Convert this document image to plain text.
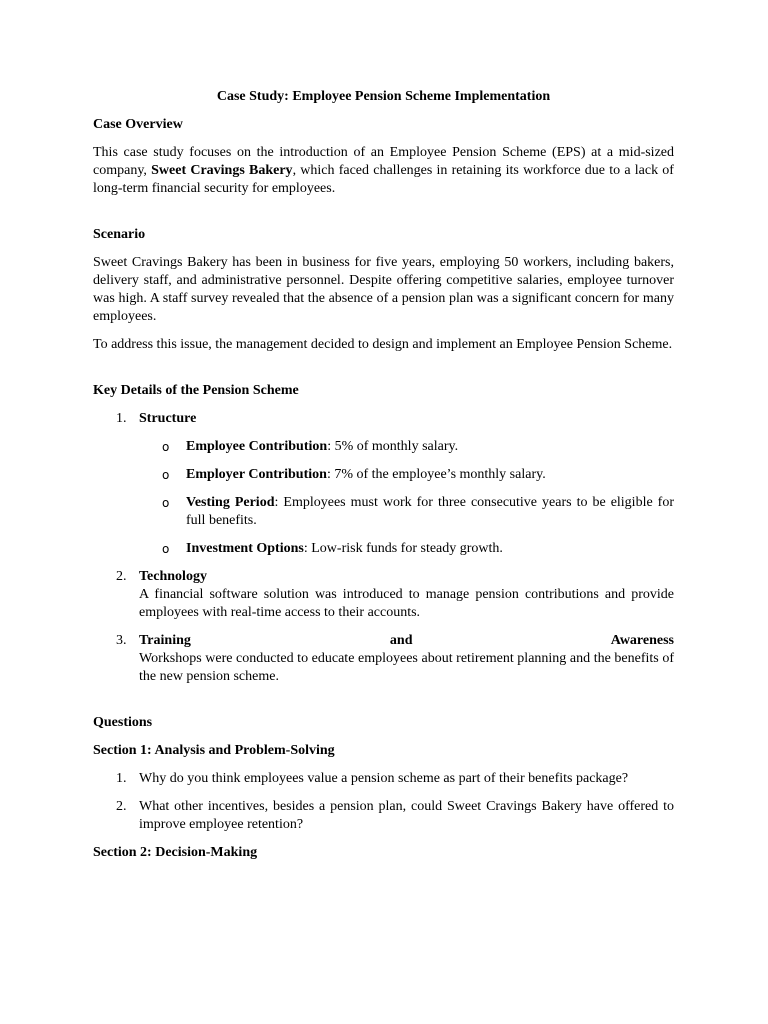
Case Study: Employee Pension Scheme Implementation
Case Overview

This case study focuses on the introduction of an Employee Pension Scheme (EPS) at a mid-sized company, Sweet Cravings Bakery, which faced challenges in retaining its workforce due to a lack of long-term financial security for employees.

Scenario

Sweet Cravings Bakery has been in business for five years, employing 50 workers, including bakers, delivery staff, and administrative personnel. Despite offering competitive salaries, employee turnover was high. A staff survey revealed that the absence of a pension plan was a significant concern for many employees.

To address this issue, the management decided to design and implement an Employee Pension Scheme.

Key Details of the Pension Scheme
1. Structure
o Employee Contribution: 5% of monthly salary.
o Employer Contribution: 7% of the employee’s monthly salary.
o Vesting Period: Employees must work for three consecutive years to be eligible for full benefits.
o Investment Options: Low-risk funds for steady growth.
2. Technology
A financial software solution was introduced to manage pension contributions and provide employees with real-time access to their accounts.
3. Training	and	Awareness
Workshops were conducted to educate employees about retirement planning and the benefits of the new pension scheme.
Questions
Section 1: Analysis and Problem-Solving
1. Why do you think employees value a pension scheme as part of their benefits package?
2. What other incentives, besides a pension plan, could Sweet Cravings Bakery have offered to improve employee retention?
Section 2: Decision-Making
